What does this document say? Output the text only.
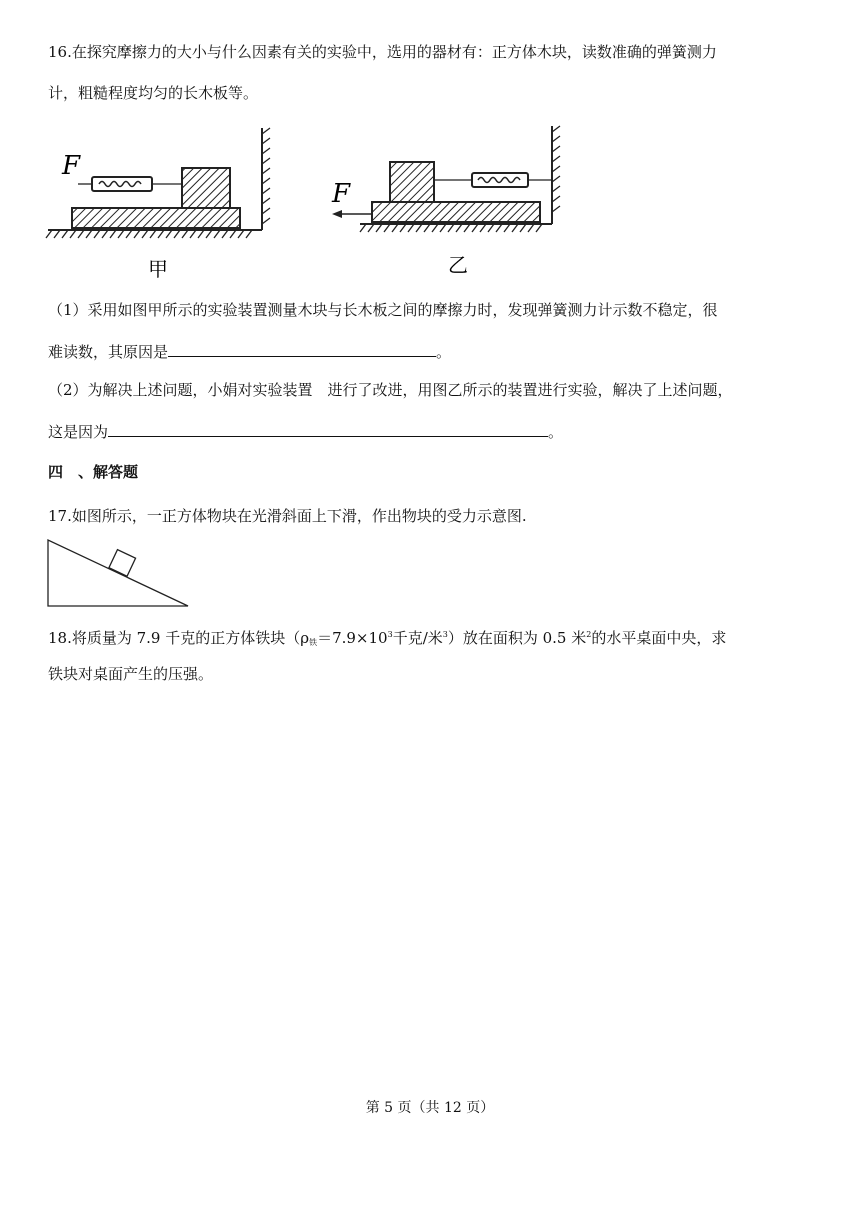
16.在探究摩擦力的大小与什么因素有关的实验中，选用的器材有：正方体木块，读数准确的弹簧测力
计，粗糙程度均匀的长木板等。
F
甲
F
乙
（1）采用如图甲所示的实验装置测量木块与长木板之间的摩擦力时，发现弹簧测力计示数不稳定，很
难读数，其原因是	。
（2）为解决上述问题，小娟对实验装置　进行了改进，用图乙所示的装置进行实验，解决了上述问题，
这是因为	。
四　、解答题
17.如图所示，一正方体物块在光滑斜面上下滑，作出物块的受力示意图.
18.将质量为 7.9 千克的正方体铁块（$\rho_铁=7.9\times 10^3$千克/米$^3$）放在面积为 0.5 米$^2$的水平桌面中央，求
铁块对桌面产生的压强。
第 5 页（共 12 页）
